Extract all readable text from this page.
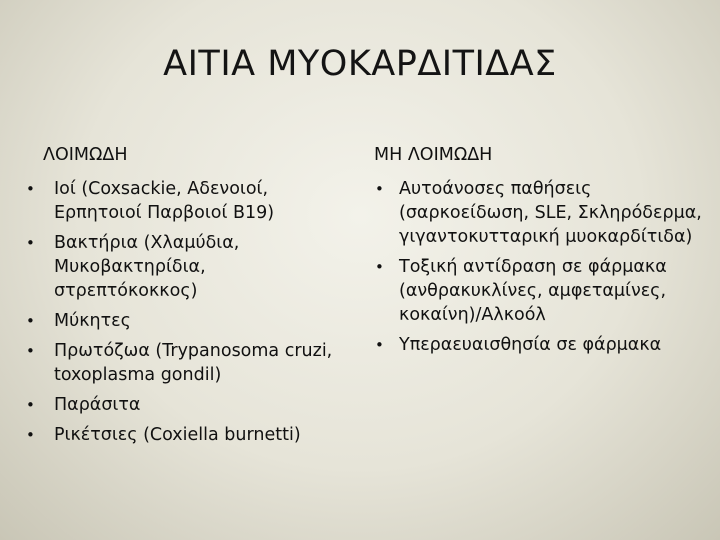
ΑΙΤΙΑ ΜΥΟΚΑΡΔΙΤΙΔΑΣ
ΛΟΙΜΩΔΗ
• Ιοί (Coxsackie, Αδενοιοί, Ερπητοιοί Παρβοιοί Β19)
• Βακτήρια (Χλαμύδια, Μυκοβακτηρίδια, στρεπτόκοκκος)
• Μύκητες
• Πρωτόζωα (Trypanosoma cruzi, toxoplasma gondil)
• Παράσιτα
• Ρικέτσιες (Coxiella burnetti)
ΜΗ ΛΟΙΜΩΔΗ
• Αυτοάνοσες παθήσεις (σαρκοείδωση, SLE, Σκληρόδερμα, γιγαντοκυτταρική μυοκαρδίτιδα)
• Τοξική αντίδραση σε φάρμακα (ανθρακυκλίνες, αμφεταμίνες, κοκαίνη)/Αλκοόλ
• Υπεραευαισθησία σε φάρμακα
